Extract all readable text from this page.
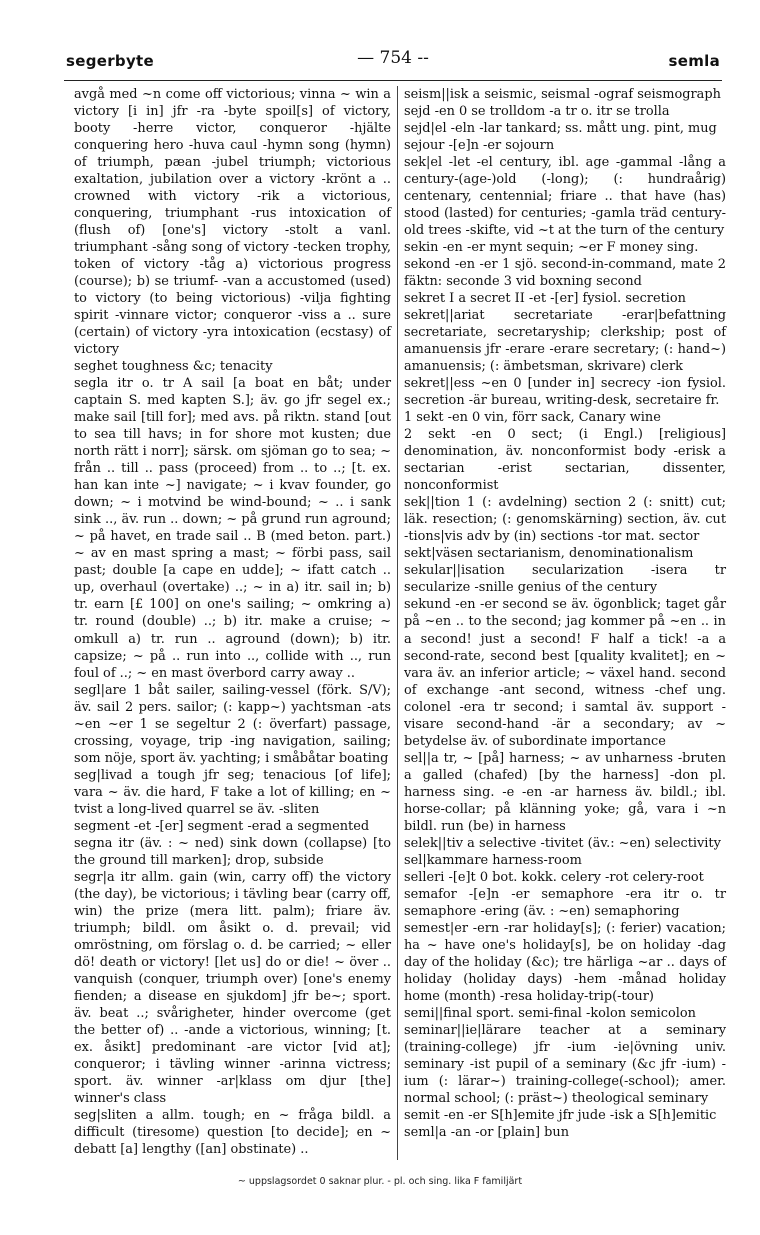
segerbyte	— 754 --	semla

avgå med ~n come off victorious; vinna ~ win a victory [i in] jfr -ra -byte spoil[s] of victory, booty -herre victor, conqueror -hjälte conquering hero -huva caul -hymn song (hymn) of triumph, pæan -jubel triumph; victorious exaltation, jubilation over a victory -krönt a .. crowned with victory -rik a victorious, conquering, triumphant -rus intoxication of (flush of) [one's] victory -stolt a vanl. triumphant -sång song of victory -tecken trophy, token of victory -tåg a) victorious progress (course); b) se triumf- -van a accustomed (used) to victory (to being victorious) -vilja fighting spirit -vinnare victor; conqueror -viss a .. sure (certain) of victory -yra intoxication (ecstasy) of victory

seghet toughness &c; tenacity

segla itr o. tr A sail [a boat en båt; under captain S. med kapten S.]; äv. go jfr segel ex.; make sail [till for]; med avs. på riktn. stand [out to sea till havs; in for shore mot kusten; due north rätt i norr]; särsk. om sjöman go to sea; ~ från .. till .. pass (proceed) from .. to ..; [t. ex. han kan inte ~] navigate; ~ i kvav founder, go down; ~ i motvind be wind-bound; ~ .. i sank sink .., äv. run .. down; ~ på grund run aground; ~ på havet, en trade sail .. B (med beton. part.) ~ av en mast spring a mast; ~ förbi pass, sail past; double [a cape en udde]; ~ ifatt catch .. up, overhaul (overtake) ..; ~ in a) itr. sail in; b) tr. earn [£ 100] on one's sailing; ~ omkring a) tr. round (double) ..; b) itr. make a cruise; ~ omkull a) tr. run .. aground (down); b) itr. capsize; ~ på .. run into .., collide with .., run foul of ..; ~ en mast överbord carry away ..

segl|are 1 båt sailer, sailing-vessel (förk. S/V); äv. sail 2 pers. sailor; (: kapp~) yachtsman -ats ~en ~er 1 se segeltur 2 (: överfart) passage, crossing, voyage, trip -ing navigation, sailing; som nöje, sport äv. yachting; i småbåtar boating

seg|livad a tough jfr seg; tenacious [of life]; vara ~ äv. die hard, F take a lot of killing; en ~ tvist a long-lived quarrel se äv. -sliten

segment -et -[er] segment -erad a segmented

segna itr (äv. : ~ ned) sink down (collapse) [to the ground till marken]; drop, subside

segr|a itr allm. gain (win, carry off) the victory (the day), be victorious; i tävling bear (carry off, win) the prize (mera litt. palm); friare äv. triumph; bildl. om åsikt o. d. prevail; vid omröstning, om förslag o. d. be carried; ~ eller dö! death or victory! [let us] do or die! ~ över .. vanquish (conquer, triumph over) [one's enemy fienden; a disease en sjukdom] jfr be~; sport. äv. beat ..; svårigheter, hinder overcome (get the better of) .. -ande a victorious, winning; [t. ex. åsikt] predominant -are victor [vid at]; conqueror; i tävling winner -arinna victress; sport. äv. winner -ar|klass om djur [the] winner's class

seg|sliten a allm. tough; en ~ fråga bildl. a difficult (tiresome) question [to decide]; en ~ debatt [a] lengthy ([an] obstinate) ..

seism||isk a seismic, seismal -ograf seismograph

sejd -en 0 se trolldom -a tr o. itr se trolla

sejd|el -eln -lar tankard; ss. mått ung. pint, mug

sejour -[e]n -er sojourn

sek|el -let -el century, ibl. age -gammal -lång a century-(age-)old (-long); (: hundraårig) centenary, centennial; friare .. that have (has) stood (lasted) for centuries; -gamla träd century-old trees -skifte, vid ~t at the turn of the century

sekin -en -er mynt sequin; ~er F money sing.

sekond -en -er 1 sjö. second-in-command, mate 2 fäktn: seconde 3 vid boxning second

sekret I a secret II -et -[er] fysiol. secretion

sekret||ariat secretariate -erar|befattning secretariate, secretaryship; clerkship; post of amanuensis jfr -erare -erare secretary; (: hand~) amanuensis; (: ämbetsman, skrivare) clerk

sekret||ess ~en 0 [under in] secrecy -ion fysiol. secretion -är bureau, writing-desk, secretaire fr.

1 sekt -en 0 vin, förr sack, Canary wine

2 sekt -en 0 sect; (i Engl.) [religious] denomination, äv. nonconformist body -erisk a sectarian -erist sectarian, dissenter, nonconformist

sek||tion 1 (: avdelning) section 2 (: snitt) cut; läk. resection; (: genomskärning) section, äv. cut -tions|vis adv by (in) sections -tor mat. sector

sekt|väsen sectarianism, denominationalism

sekular||isation secularization -isera tr secularize -snille genius of the century

sekund -en -er second se äv. ögonblick; taget går på ~en .. to the second; jag kommer på ~en .. in a second! just a second! F half a tick! -a a second-rate, second best [quality kvalitet]; en ~ vara äv. an inferior article; ~ växel hand. second of exchange -ant second, witness -chef ung. colonel -era tr second; i samtal äv. support -visare second-hand -är a secondary; av ~ betydelse äv. of subordinate importance

sel||a tr, ~ [på] harness; ~ av unharness -bruten a galled (chafed) [by the harness] -don pl. harness sing. -e -en -ar harness äv. bildl.; ibl. horse-collar; på klänning yoke; gå, vara i ~n bildl. run (be) in harness

selek||tiv a selective -tivitet (äv.: ~en) selectivity

sel|kammare harness-room

selleri -[e]t 0 bot. kokk. celery -rot celery-root

semafor -[e]n -er semaphore -era itr o. tr semaphore -ering (äv. : ~en) semaphoring

semest|er -ern -rar holiday[s]; (: ferier) vacation; ha ~ have one's holiday[s], be on holiday -dag day of the holiday (&c); tre härliga ~ar .. days of holiday (holiday days) -hem -månad holiday home (month) -resa holiday-trip(-tour)

semi||final sport. semi-final -kolon semicolon

seminar||ie|lärare teacher at a seminary (training-college) jfr -ium -ie|övning univ. seminary -ist pupil of a seminary (&c jfr -ium) -ium (: lärar~) training-college(-school); amer. normal school; (: präst~) theological seminary

semit -en -er S[h]emite jfr jude -isk a S[h]emitic

seml|a -an -or [plain] bun

~ uppslagsordet 0 saknar plur. - pl. och sing. lika F familjärt
